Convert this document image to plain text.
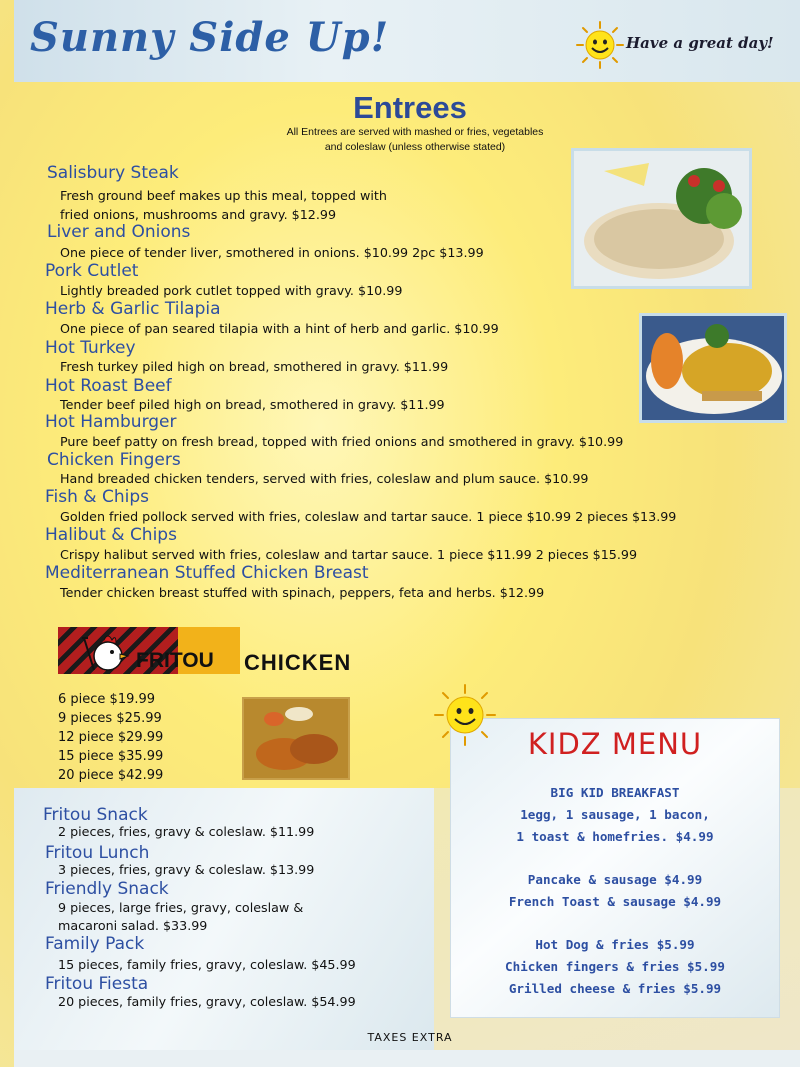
Sunny Side Up!	Have a great day!
Entrees
All Entrees are served with mashed or fries, vegetables
and coleslaw (unless otherwise stated)
Salisbury Steak
Fresh ground beef makes up this meal, topped with
fried onions, mushrooms and gravy. $12.99
Liver and Onions
One piece of tender liver, smothered in onions. $10.99 2pc $13.99
Pork Cutlet
Lightly breaded pork cutlet topped with gravy. $10.99
Herb & Garlic Tilapia
One piece of pan seared tilapia with a hint of herb and garlic. $10.99
Hot Turkey
Fresh turkey piled high on bread, smothered in gravy. $11.99
Hot Roast Beef
Tender beef piled high on bread, smothered in gravy. $11.99
Hot Hamburger
Pure beef patty on fresh bread, topped with fried onions and smothered in gravy. $10.99
Chicken Fingers
Hand breaded chicken tenders, served with fries, coleslaw and plum sauce. $10.99
Fish & Chips
Golden fried pollock served with fries, coleslaw and tartar sauce. 1 piece $10.99 2 pieces $13.99
Halibut & Chips
Crispy halibut served with fries, coleslaw and tartar sauce. 1 piece $11.99 2 pieces $15.99
Mediterranean Stuffed Chicken Breast
Tender chicken breast stuffed with spinach, peppers, feta and herbs. $12.99
FRITOU CHICKEN
6 piece $19.99
9 pieces $25.99
12 piece $29.99
15 piece $35.99
20 piece $42.99
Fritou Snack
2 pieces, fries, gravy & coleslaw. $11.99
Fritou Lunch
3 pieces, fries, gravy & coleslaw. $13.99
Friendly Snack
9 pieces, large fries, gravy, coleslaw &
macaroni salad. $33.99
Family Pack
15 pieces, family fries, gravy, coleslaw. $45.99
Fritou Fiesta
20 pieces, family fries, gravy, coleslaw. $54.99
KIDZ MENU
BIG KID BREAKFAST
1egg, 1 sausage, 1 bacon,
1 toast & homefries. $4.99
Pancake & sausage $4.99
French Toast & sausage $4.99
Hot Dog & fries $5.99
Chicken fingers & fries $5.99
Grilled cheese & fries $5.99
TAXES EXTRA
